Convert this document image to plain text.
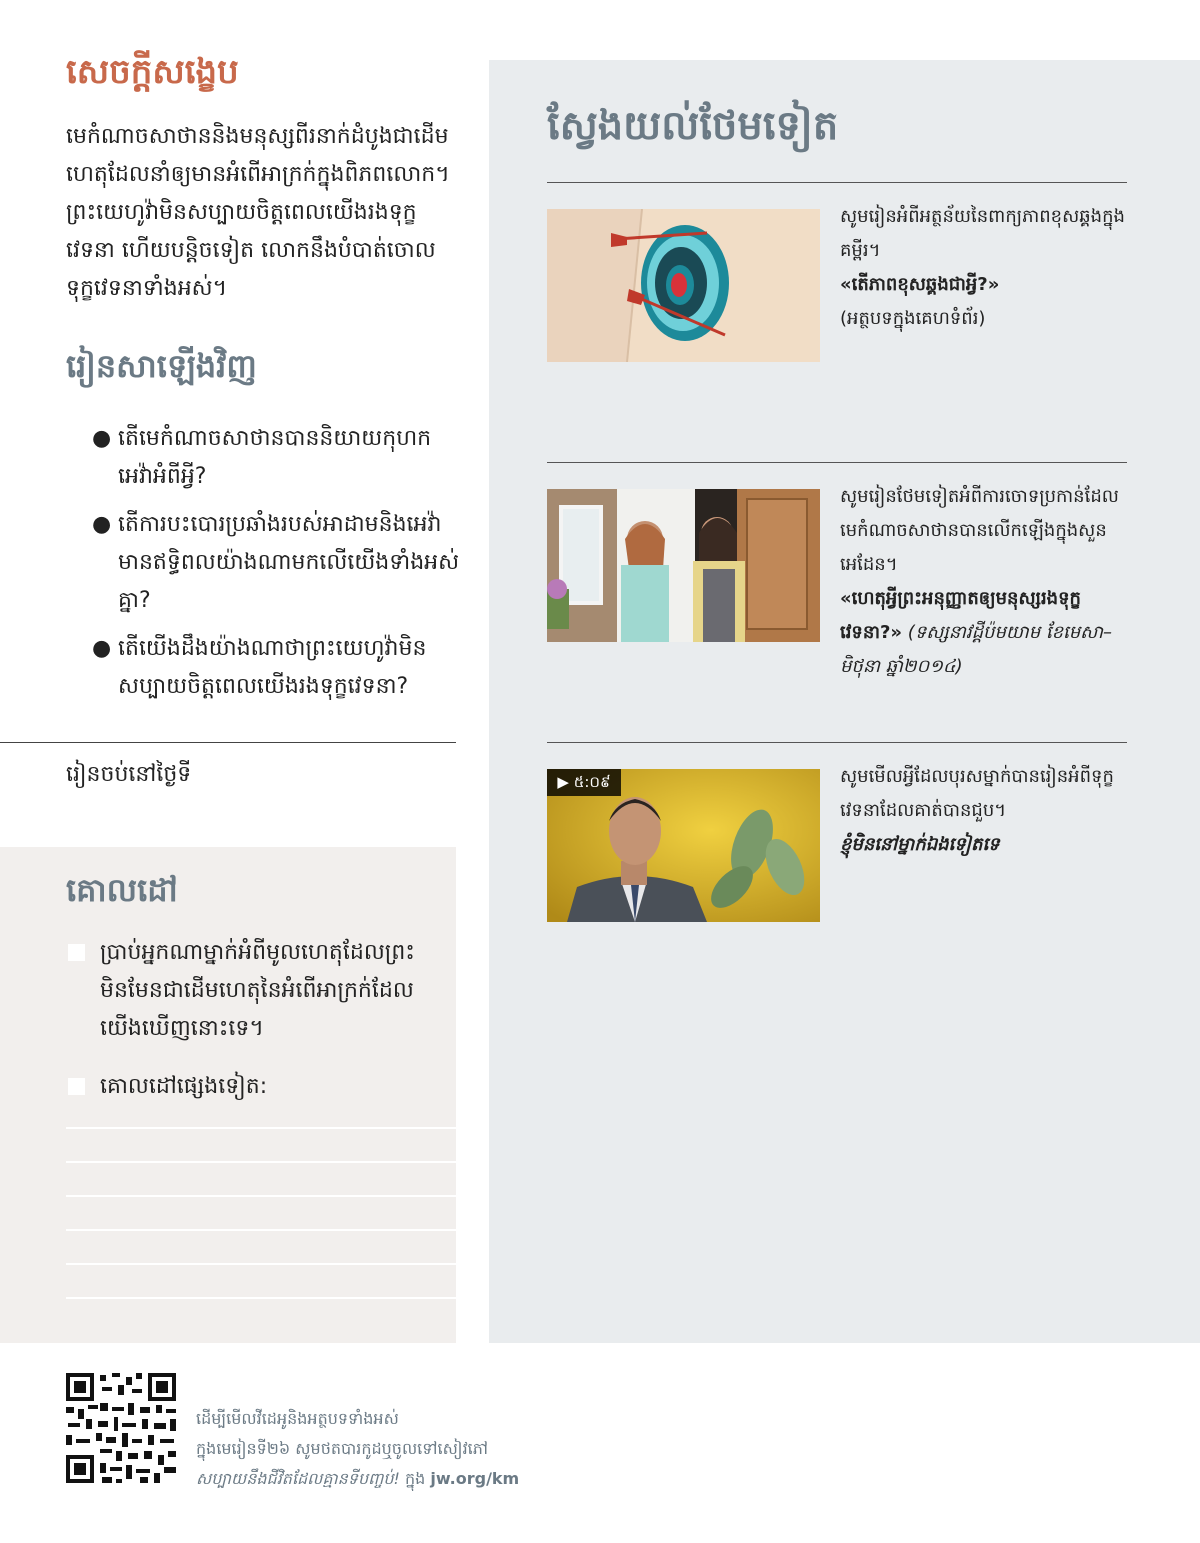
សេចក្ដីសង្ខេប

មេកំណាចសាថាននិងមនុស្សពីរនាក់ដំបូងជាដើមហេតុដែលនាំឲ្យមានអំពើអាក្រក់ក្នុងពិភពលោក។ ព្រះយេហូវ៉ាមិនសប្បាយចិត្តពេលយើងរងទុក្ខវេទនា ហើយបន្តិចទៀត លោកនឹងបំបាត់ចោលទុក្ខវេទនាទាំងអស់។

រៀនសាឡើងវិញ
● តើមេកំណាចសាថានបាននិយាយកុហកអេវ៉ាអំពីអ្វី?
● តើការបះបោរប្រឆាំងរបស់អាដាមនិងអេវ៉ាមានឥទ្ធិពលយ៉ាងណាមកលើយើងទាំងអស់គ្នា?
● តើយើងដឹងយ៉ាងណាថាព្រះយេហូវ៉ាមិនសប្បាយចិត្តពេលយើងរងទុក្ខវេទនា?
រៀនចប់នៅថ្ងៃទី
គោលដៅ
ប្រាប់អ្នកណាម្នាក់អំពីមូលហេតុដែលព្រះមិនមែនជាដើមហេតុនៃអំពើអាក្រក់ដែលយើងឃើញនោះទេ។
គោលដៅផ្សេងទៀត:
ស្វែងយល់ថែមទៀត
សូមរៀនអំពីអត្ថន័យនៃពាក្យភាពខុសឆ្គងក្នុងគម្ពីរ។
«តើភាពខុសឆ្គងជាអ្វី?»
(អត្ថបទក្នុងគេហទំព័រ)
សូមរៀនថែមទៀតអំពីការចោទប្រកាន់ដែលមេកំណាចសាថានបានលើកឡើងក្នុងសួនអេដែន។
«ហេតុអ្វីព្រះអនុញ្ញាតឲ្យមនុស្សរងទុក្ខវេទនា?» (ទស្សនាវដ្ដីប៉មយាម ខែមេសា–មិថុនា ឆ្នាំ២០១៤)
▶ ៥:០៩	សូមមើលអ្វីដែលបុរសម្នាក់បានរៀនអំពីទុក្ខវេទនាដែលគាត់បានជួប។
ខ្ញុំមិននៅម្នាក់ឯងទៀតទេ
ដើម្បីមើលវីដេអូនិងអត្ថបទទាំងអស់
ក្នុងមេរៀនទី២៦ សូមថតបារកូដឬចូលទៅសៀវភៅ
សប្បាយនឹងជីវិតដែលគ្មានទីបញ្ចប់! ក្នុង jw.org/km
